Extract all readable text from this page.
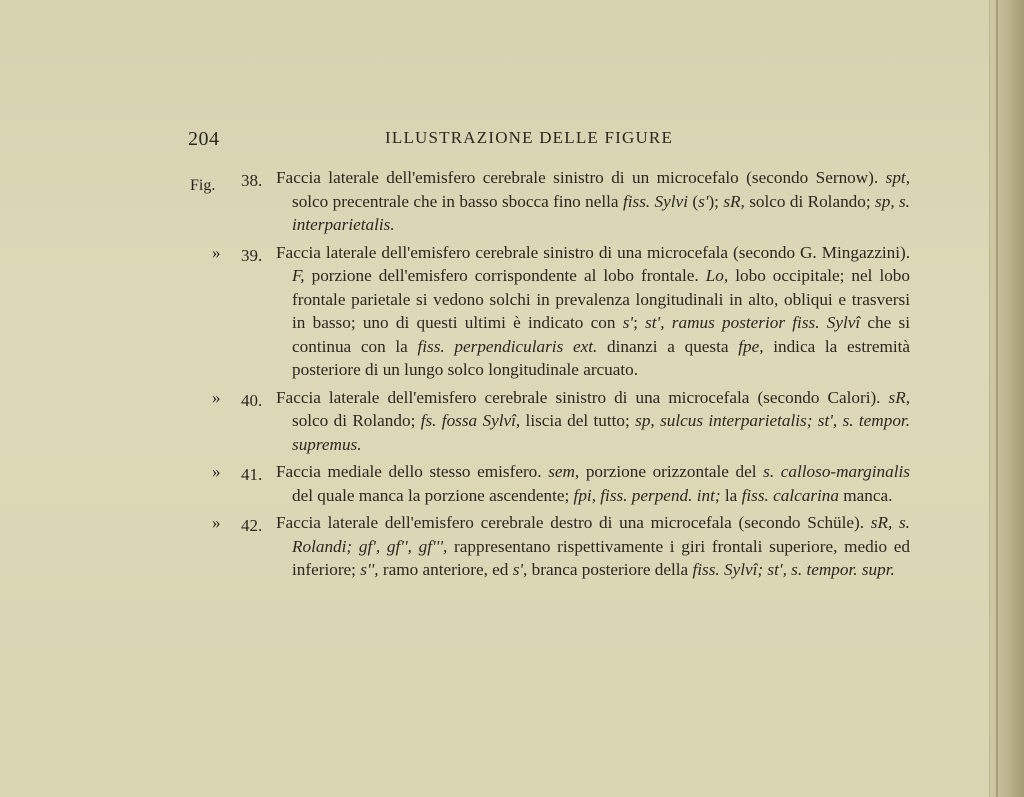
204	ILLUSTRAZIONE DELLE FIGURE
Fig. 38. Faccia laterale dell'emisfero cerebrale sinistro di un microcefalo (secondo Sernow). spt, solco precentrale che in basso sbocca fino nella fiss. Sylvi (s'); sR, solco di Rolando; sp, s. interparietalis.
» 39. Faccia laterale dell'emisfero cerebrale sinistro di una microcefala (secondo G. Mingazzini). F, porzione dell'emisfero corrispondente al lobo frontale. Lo, lobo occipitale; nel lobo frontale parietale si vedono solchi in prevalenza longitudinali in alto, obliqui e trasversi in basso; uno di questi ultimi è indicato con s'; st', ramus posterior fiss. Sylvî che si continua con la fiss. perpendicularis ext. dinanzi a questa fpe, indica la estremità posteriore di un lungo solco longitudinale arcuato.
» 40. Faccia laterale dell'emisfero cerebrale sinistro di una microcefala (secondo Calori). sR, solco di Rolando; fs. fossa Sylvî, liscia del tutto; sp, sulcus interparietalis; st', s. tempor. supremus.
» 41. Faccia mediale dello stesso emisfero. sem, porzione orizzontale del s. calloso-marginalis del quale manca la porzione ascendente; fpi, fiss. perpend. int; la fiss. calcarina manca.
» 42. Faccia laterale dell'emisfero cerebrale destro di una microcefala (secondo Schüle). sR, s. Rolandi; gf', gf'', gf''', rappresentano rispettivamente i giri frontali superiore, medio ed inferiore; s'', ramo anteriore, ed s', branca posteriore della fiss. Sylvî; st', s. tempor. supr.
